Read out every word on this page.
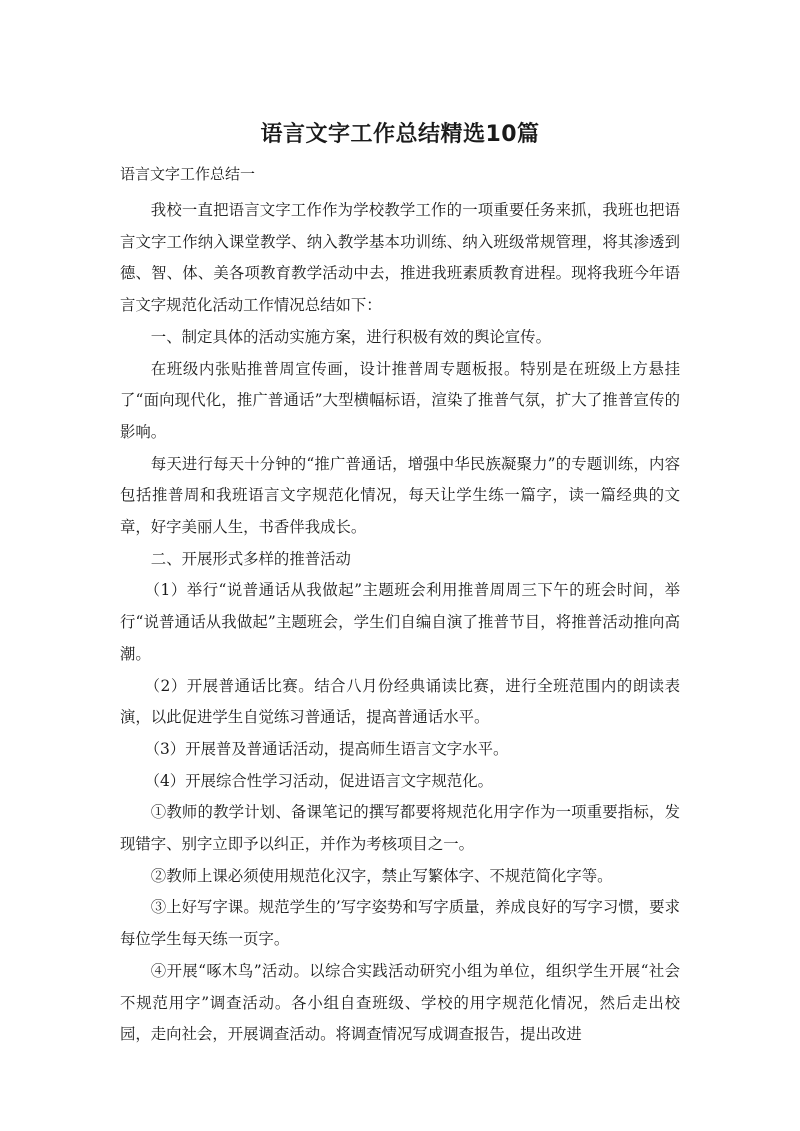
语言文字工作总结精选10篇

语言文字工作总结一

我校一直把语言文字工作作为学校教学工作的一项重要任务来抓，我班也把语言文字工作纳入课堂教学、纳入教学基本功训练、纳入班级常规管理，将其渗透到德、智、体、美各项教育教学活动中去，推进我班素质教育进程。现将我班今年语言文字规范化活动工作情况总结如下：

一、制定具体的活动实施方案，进行积极有效的舆论宣传。

在班级内张贴推普周宣传画，设计推普周专题板报。特别是在班级上方悬挂了“面向现代化，推广普通话”大型横幅标语，渲染了推普气氛，扩大了推普宣传的影响。

每天进行每天十分钟的“推广普通话，增强中华民族凝聚力”的专题训练，内容包括推普周和我班语言文字规范化情况，每天让学生练一篇字，读一篇经典的文章，好字美丽人生，书香伴我成长。

二、开展形式多样的推普活动

（1）举行“说普通话从我做起”主题班会利用推普周周三下午的班会时间，举行“说普通话从我做起”主题班会，学生们自编自演了推普节目，将推普活动推向高潮。

（2）开展普通话比赛。结合八月份经典诵读比赛，进行全班范围内的朗读表演，以此促进学生自觉练习普通话，提高普通话水平。

（3）开展普及普通话活动，提高师生语言文字水平。

（4）开展综合性学习活动，促进语言文字规范化。

①教师的教学计划、备课笔记的撰写都要将规范化用字作为一项重要指标，发现错字、别字立即予以纠正，并作为考核项目之一。

②教师上课必须使用规范化汉字，禁止写繁体字、不规范简化字等。

③上好写字课。规范学生的’写字姿势和写字质量，养成良好的写字习惯，要求每位学生每天练一页字。

④开展“啄木鸟”活动。以综合实践活动研究小组为单位，组织学生开展“社会不规范用字”调查活动。各小组自查班级、学校的用字规范化情况，然后走出校园，走向社会，开展调查活动。将调查情况写成调查报告，提出改进
